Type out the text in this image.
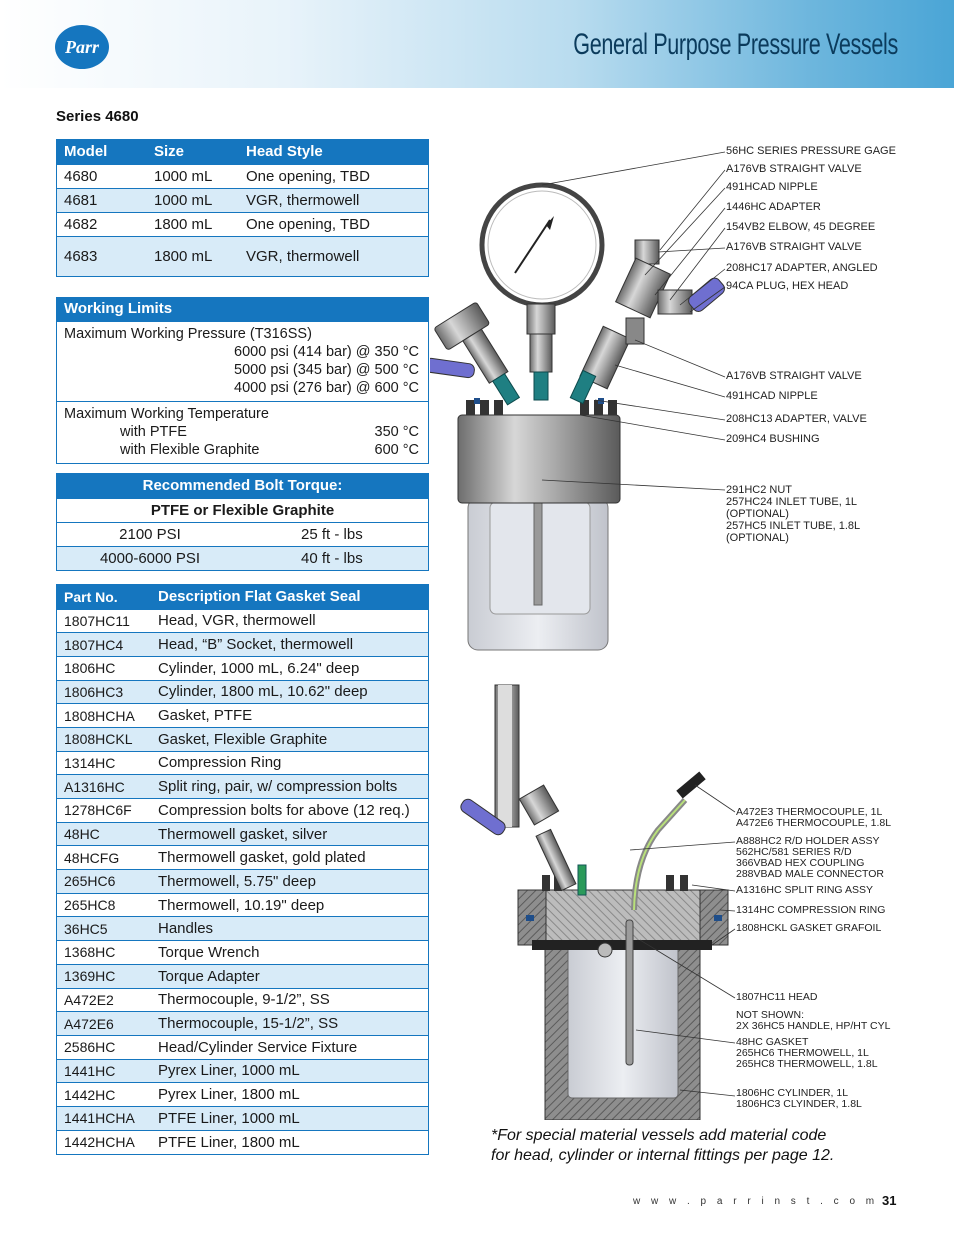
Parr	General Purpose Pressure Vessels
Series 4680
Model	Size	Head Style
4680	1000 mL	One opening, TBD
4681	1000 mL	VGR, thermowell
4682	1800 mL	One opening, TBD
4683	1800 mL	VGR, thermowell
Working Limits
Maximum Working Pressure (T316SS)
6000 psi (414 bar) @ 350 °C
5000 psi (345 bar) @ 500 °C
4000 psi (276 bar) @ 600 °C
Maximum Working Temperature
with PTFE	350 °C
with Flexible Graphite	600 °C
Recommended Bolt Torque:
PTFE or Flexible Graphite
2100 PSI	25 ft - lbs
4000-6000 PSI	40 ft - lbs
Part No.	Description Flat Gasket Seal
1807HC11	Head, VGR, thermowell
1807HC4	Head, “B” Socket, thermowell
1806HC	Cylinder, 1000 mL, 6.24" deep
1806HC3	Cylinder, 1800 mL, 10.62" deep
1808HCHA	Gasket, PTFE
1808HCKL	Gasket, Flexible Graphite
1314HC	Compression Ring
A1316HC	Split ring, pair, w/ compression bolts
1278HC6F	Compression bolts for above (12 req.)
48HC	Thermowell gasket, silver
48HCFG	Thermowell gasket, gold plated
265HC6	Thermowell, 5.75" deep
265HC8	Thermowell, 10.19" deep
36HC5	Handles
1368HC	Torque Wrench
1369HC	Torque Adapter
A472E2	Thermocouple, 9-1/2”, SS
A472E6	Thermocouple, 15-1/2”, SS
2586HC	Head/Cylinder Service Fixture
1441HC	Pyrex Liner, 1000 mL
1442HC	Pyrex Liner, 1800 mL
1441HCHA	PTFE Liner, 1000 mL
1442HCHA	PTFE Liner, 1800 mL
56HC SERIES PRESSURE GAGE
A176VB STRAIGHT VALVE
491HCAD NIPPLE
1446HC ADAPTER
154VB2 ELBOW, 45 DEGREE
A176VB STRAIGHT VALVE
208HC17 ADAPTER, ANGLED
94CA PLUG, HEX HEAD
A176VB STRAIGHT VALVE
491HCAD NIPPLE
208HC13 ADAPTER, VALVE
209HC4 BUSHING
291HC2 NUT
257HC24 INLET TUBE, 1L
(OPTIONAL)
257HC5 INLET TUBE, 1.8L
(OPTIONAL)
A472E3 THERMOCOUPLE, 1L
A472E6 THERMOCOUPLE, 1.8L
A888HC2 R/D HOLDER ASSY
562HC/581 SERIES R/D
366VBAD HEX COUPLING
288VBAD MALE CONNECTOR
A1316HC SPLIT RING ASSY
1314HC COMPRESSION RING
1808HCKL GASKET GRAFOIL
1807HC11 HEAD
NOT SHOWN:
2X 36HC5 HANDLE, HP/HT CYL
48HC GASKET
265HC6 THERMOWELL, 1L
265HC8 THERMOWELL, 1.8L
1806HC CYLINDER, 1L
1806HC3 CLYINDER, 1.8L
*For special material vessels add material code
for head, cylinder or internal fittings per page 12.
w w w . p a r r i n s t . c o m 31
